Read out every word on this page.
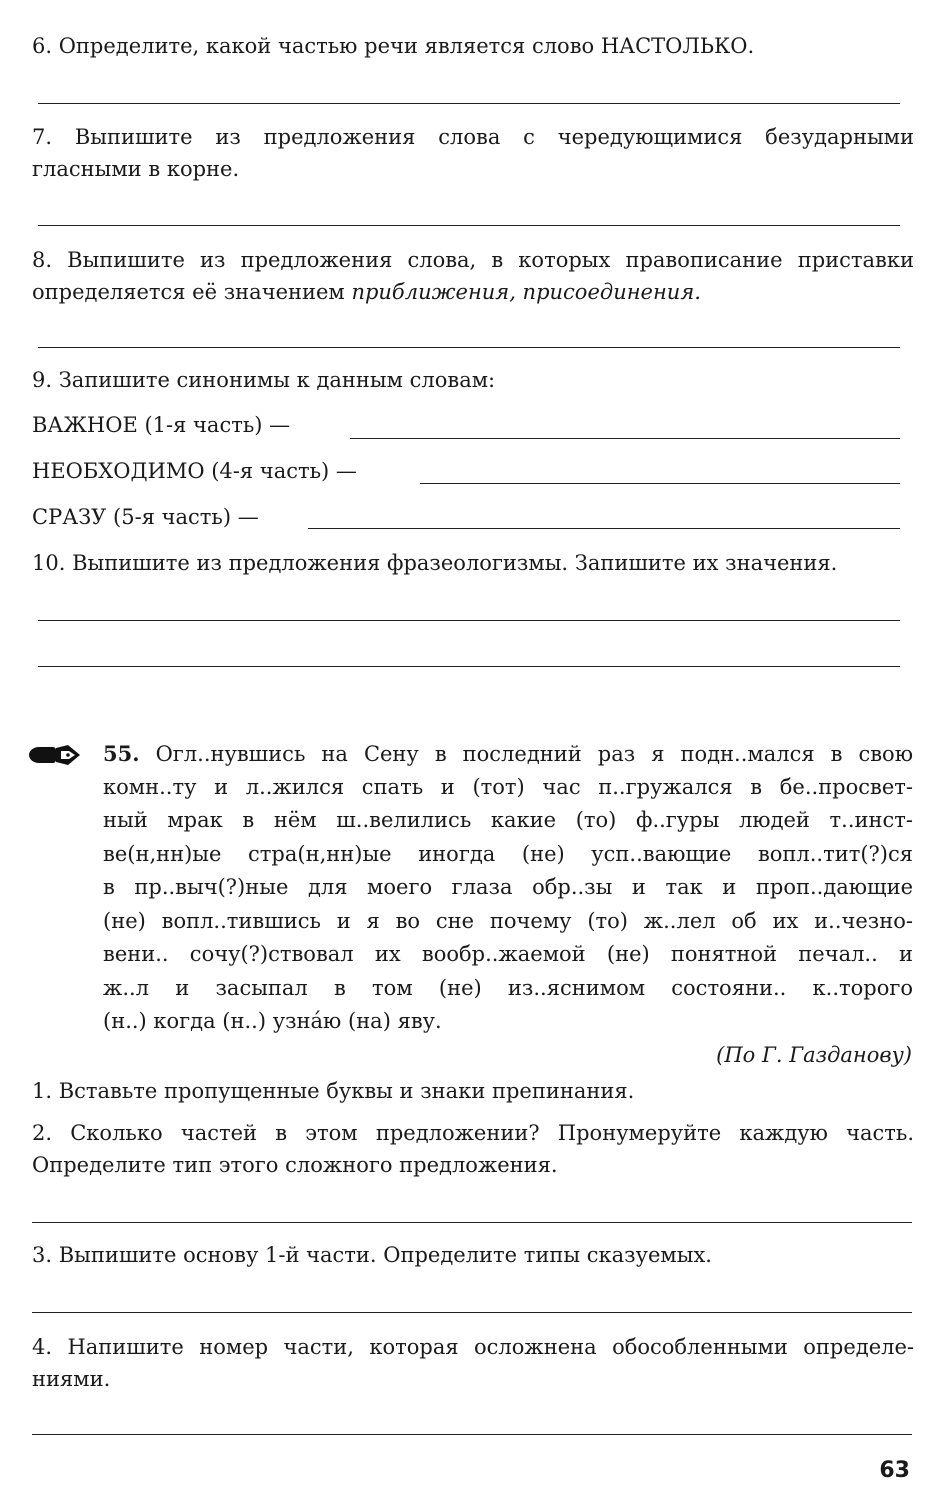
6. Определите, какой частью речи является слово НАСТОЛЬКО.
7. Выпишите из предложения слова с чередующимися безударными
гласными в корне.
8. Выпишите из предложения слова, в которых правописание приставки
определяется её значением приближения, присоединения.
9. Запишите синонимы к данным словам:
ВАЖНОЕ (1-я часть) —
НЕОБХОДИМО (4-я часть) —
СРАЗУ (5-я часть) —
10. Выпишите из предложения фразеологизмы. Запишите их значения.
55. Огл..нувшись на Сену в последний раз я подн..мался в свою
комн..ту и л..жился спать и (тот) час п..гружался в бе..просвет-
ный мрак в нём ш..велились какие (то) ф..гуры людей т..инст-
ве(н,нн)ые стра(н,нн)ые иногда (не) усп..вающие вопл..тит(?)ся
в пр..выч(?)ные для моего глаза обр..зы и так и проп..дающие
(не) вопл..тившись и я во сне почему (то) ж..лел об их и..чезно-
вени.. сочу(?)ствовал их вообр..жаемой (не) понятной печал.. и
ж..л и засыпал в том (не) из..яснимом состояни.. к..торого
(н..) когда (н..) узна́ю (на) яву.
(По Г. Газданову)
1. Вставьте пропущенные буквы и знаки препинания.
2. Сколько частей в этом предложении? Пронумеруйте каждую часть.
Определите тип этого сложного предложения.
3. Выпишите основу 1-й части. Определите типы сказуемых.
4. Напишите номер части, которая осложнена обособленными определе-
ниями.
63
